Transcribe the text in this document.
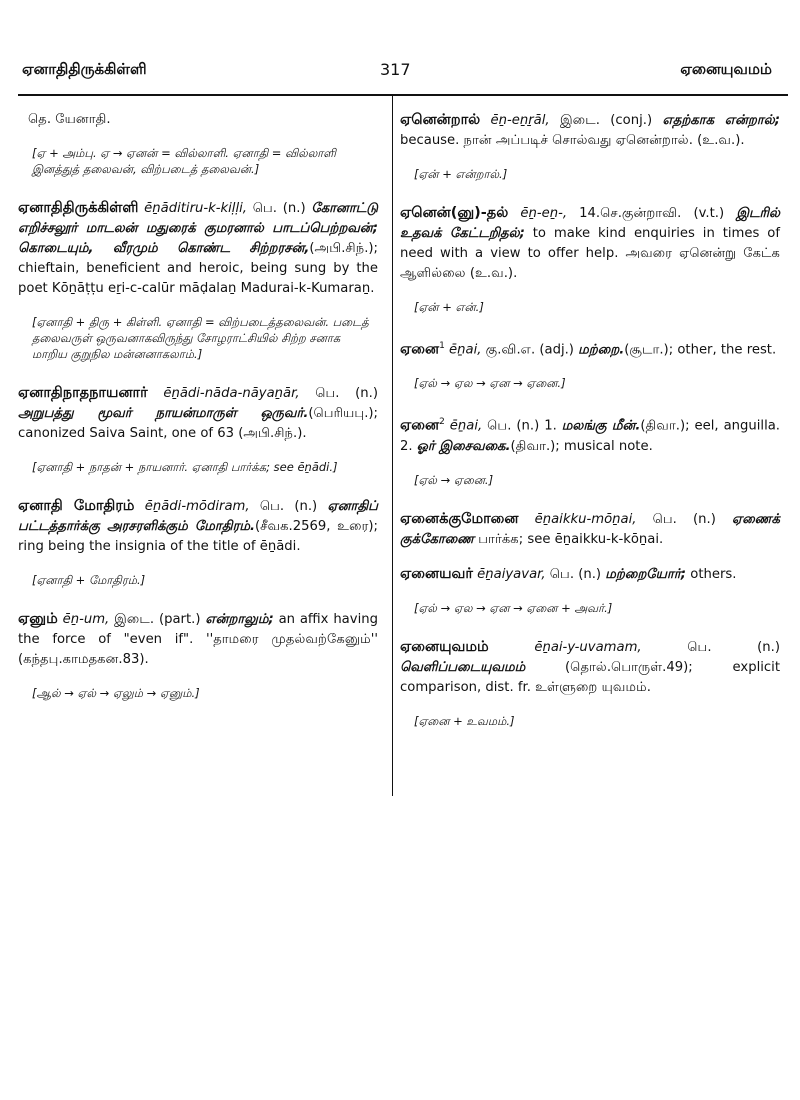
ஏனாதிதிருக்கிள்ளி	317	ஏனையுவமம்
தெ. யேனாதி.
[ஏ + அம்பு. ஏ → ஏனன் = வில்லாளி. ஏனாதி = வில்லாளி இனத்துத் தலைவன், விற்படைத் தலைவன்.]
ஏனாதிதிருக்கிள்ளி ēṉāditiru-k-kiḷḷi, பெ. (n.) கோனாட்டு எறிச்சலூர் மாடலன் மதுரைக் குமரனால் பாடப்பெற்றவன்; கொடையும், வீரமும் கொண்ட சிற்றரசன்,(அபி.சிந்.); chieftain, beneficient and heroic, being sung by the poet Kōṉāṭṭu eṟi-c-calūr māḍalaṉ Madurai-k-Kumaraṉ.
[ஏனாதி + திரு + கிள்ளி. ஏனாதி = விற்படைத்தலைவன். படைத் தலைவருள் ஒருவனாகவிருந்து சோழராட்சியில் சிற்ற சனாக மாறிய குறுநில மன்னனாகலாம்.]
ஏனாதிநாதநாயனார் ēṉādi-nāda-nāyaṉār, பெ. (n.) அறுபத்து மூவர் நாயன்மாருள் ஒருவர்.(பெரியபு.); canonized Saiva Saint, one of 63 (அபி.சிந்.).
[ஏனாதி + நாதன் + நாயனார். ஏனாதி பார்க்க; see ēṉādi.]
ஏனாதி மோதிரம் ēṉādi-mōdiram, பெ. (n.) ஏனாதிப் பட்டத்தார்க்கு அரசரளிக்கும் மோதிரம்.(சீவக.2569, உரை); ring being the insignia of the title of ēṉādi.
[ஏனாதி + மோதிரம்.]
ஏனும் ēṉ-um, இடை. (part.) என்றாலும்; an affix having the force of "even if". ''தாமரை முதல்வற்கேனும்'' (கந்தபு.காமதகன.83).
[ஆல் → ஏல் → ஏலும் → ஏனும்.]
ஏனென்றால் ēṉ-eṉṟāl, இடை. (conj.) எதற்காக என்றால்; because. நான் அப்படிச் சொல்வது ஏனென்றால். (உ.வ.).
[ஏன் + என்றால்.]
ஏனென்(னு)-தல் ēṉ-eṉ-, 14.செ.குன்றாவி. (v.t.) இடரில் உதவக் கேட்டறிதல்; to make kind enquiries in times of need with a view to offer help. அவரை ஏனென்று கேட்க ஆளில்லை (உ.வ.).
[ஏன் + என்.]
ஏனை$^1$ ēṉai, கு.வி.எ. (adj.) மற்றை.(சூடா.); other, the rest.
[ஏல் → ஏல → ஏன → ஏனை.]
ஏனை$^2$ ēṉai, பெ. (n.) 1. மலங்கு மீன்.(திவா.); eel, anguilla. 2. ஓர் இசைவகை.(திவா.); musical note.
[ஏல் → ஏனை.]
ஏனைக்குமோனை ēṉaikku-mōṉai, பெ. (n.) ஏணைக் குக்கோணை பார்க்க; see ēṉaikku-k-kōṉai.
ஏனையவர் ēṉaiyavar, பெ. (n.) மற்றையோர்; others.
[ஏல் → ஏல → ஏன → ஏனை + அவர்.]
ஏனையுவமம்	ēṉai-y-uvamam,	பெ. (n.) வெளிப்படையுவமம்	(தொல்.பொருள்.49); explicit comparison, dist. fr. உள்ளுறை யுவமம்.
[ஏனை + உவமம்.]
